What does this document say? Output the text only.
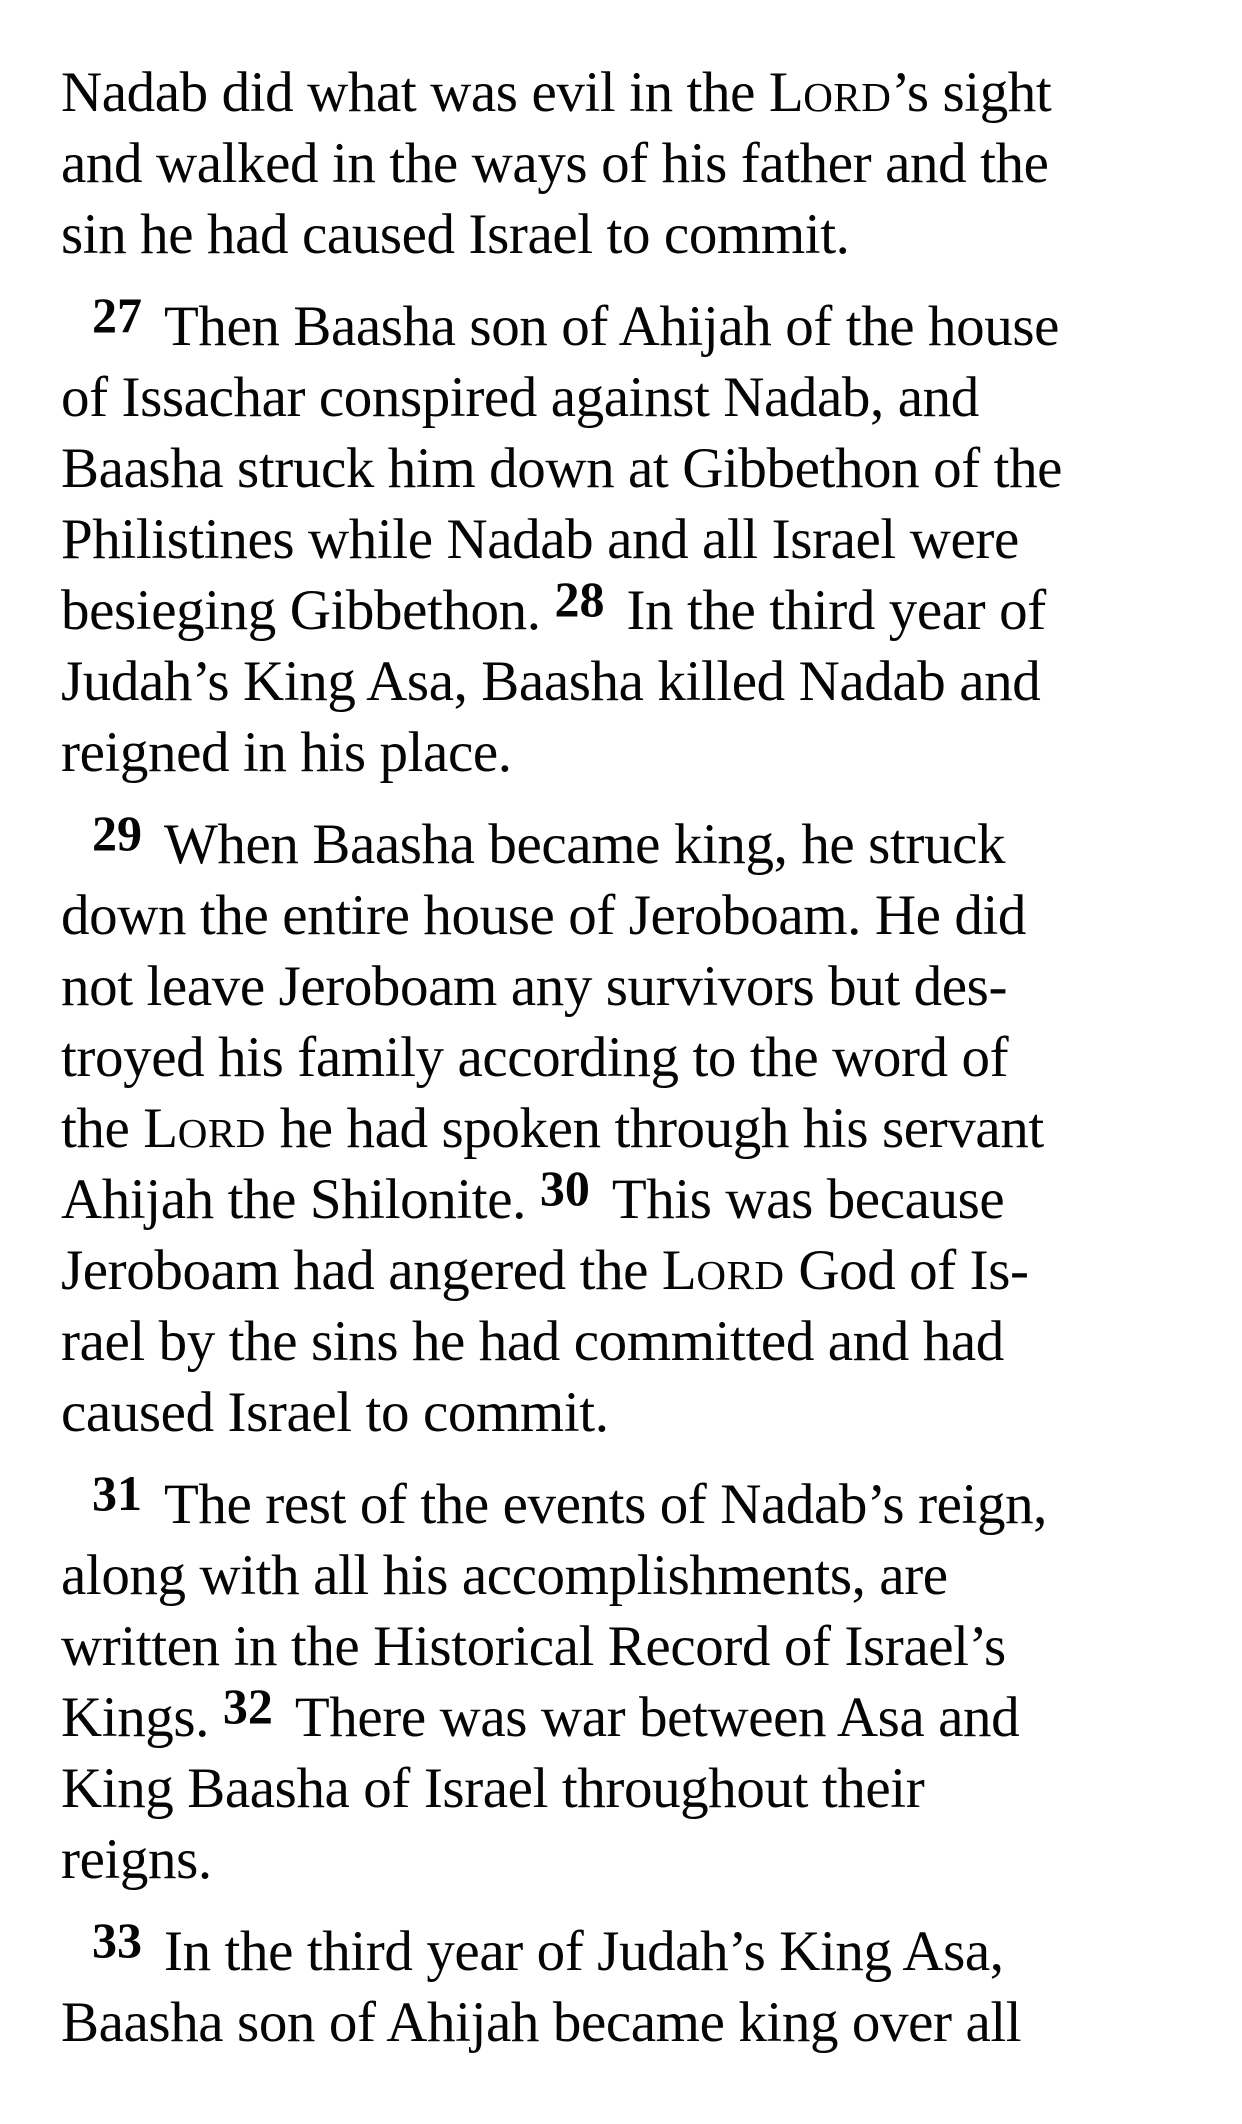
Nadab did what was evil in the LORD’s sight
and walked in the ways of his father and the
sin he had caused Israel to commit.
27 Then Baasha son of Ahijah of the house
of Issachar conspired against Nadab, and
Baasha struck him down at Gibbethon of the
Philistines while Nadab and all Israel were
besieging Gibbethon. 28 In the third year of
Judah’s King Asa, Baasha killed Nadab and
reigned in his place.
29 When Baasha became king, he struck
down the entire house of Jeroboam. He did
not leave Jeroboam any survivors but des-
troyed his family according to the word of
the LORD he had spoken through his servant
Ahijah the Shilonite. 30 This was because
Jeroboam had angered the LORD God of Is-
rael by the sins he had committed and had
caused Israel to commit.
31 The rest of the events of Nadab’s reign,
along with all his accomplishments, are
written in the Historical Record of Israel’s
Kings. 32 There was war between Asa and
King Baasha of Israel throughout their
reigns.
33 In the third year of Judah’s King Asa,
Baasha son of Ahijah became king over all
